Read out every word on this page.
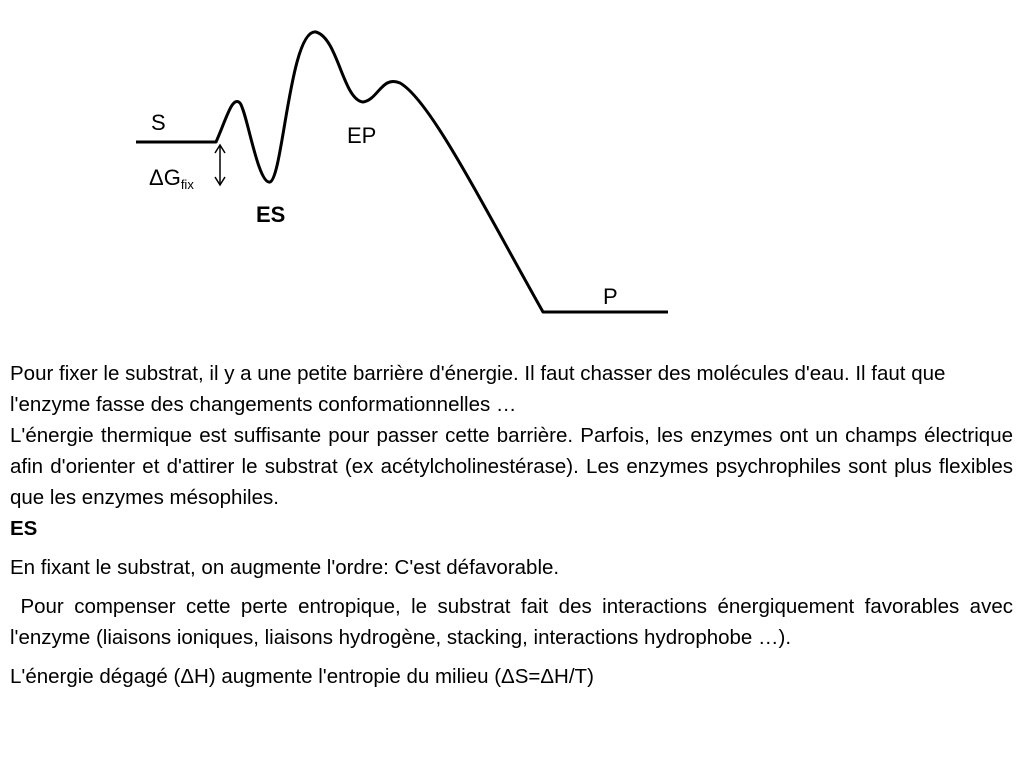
S
$\Delta G_{fix}$
ES
EP
P

Pour fixer le substrat, il y a une petite barrière d'énergie. Il faut chasser des molécules d'eau. Il faut que l'enzyme fasse des changements conformationnelles …

L'énergie thermique est suffisante pour passer cette barrière. Parfois, les enzymes ont un champs électrique afin d'orienter et d'attirer le substrat (ex acétylcholinestérase). Les enzymes psychrophiles sont plus flexibles que les enzymes mésophiles.

ES

En fixant le substrat, on augmente l'ordre: C'est défavorable.

Pour compenser cette perte entropique, le substrat fait des interactions énergiquement favorables avec l'enzyme (liaisons ioniques, liaisons hydrogène, stacking, interactions hydrophobe …).

L'énergie dégagé (ΔH) augmente l'entropie du milieu (ΔS=ΔH/T)
